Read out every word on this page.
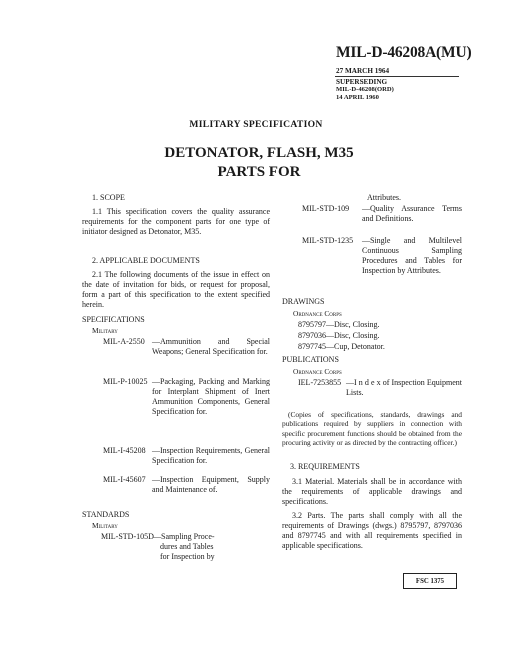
MIL-D-46208A(MU)
27 MARCH 1964
SUPERSEDING
MIL-D-46208(ORD)
14 APRIL 1960
MILITARY SPECIFICATION
DETONATOR, FLASH, M35
PARTS FOR
1. SCOPE
1.1 This specification covers the quality assurance requirements for the component parts for one type of initiator designed as Detonator, M35.
2. APPLICABLE DOCUMENTS
2.1 The following documents of the issue in effect on the date of invitation for bids, or request for proposal, form a part of this specification to the extent specified herein.
SPECIFICATIONS
Military
MIL-A-2550 —Ammunition and Special Weapons; General Specification for.
MIL-P-10025 —Packaging, Packing and Marking for Interplant Shipment of Inert Ammunition Components, General Specification for.
MIL-I-45208 —Inspection Requirements, General Specification for.
MIL-I-45607 —Inspection Equipment, Supply and Maintenance of.
STANDARDS
Military
MIL-STD-105D —Sampling Proce-
dures and Tables
for Inspection by
Attributes.
MIL-STD-109 —Quality Assurance Terms and Definitions.
MIL-STD-1235 —Single and Multilevel Continuous Sampling Procedures and Tables for Inspection by Attributes.
DRAWINGS
Ordnance Corps
8795797—Disc, Closing.
8797036—Disc, Closing.
8797745—Cup, Detonator.
PUBLICATIONS
Ordnance Corps
IEL-7253855 —I n d e x of Inspection Equipment Lists.
(Copies of specifications, standards, drawings and publications required by suppliers in connection with specific procurement functions should be obtained from the procuring activity or as directed by the contracting officer.)
3. REQUIREMENTS
3.1 Material. Materials shall be in accordance with the requirements of applicable drawings and specifications.
3.2 Parts. The parts shall comply with all the requirements of Drawings (dwgs.) 8795797, 8797036 and 8797745 and with all requirements specified in applicable specifications.
FSC 1375
